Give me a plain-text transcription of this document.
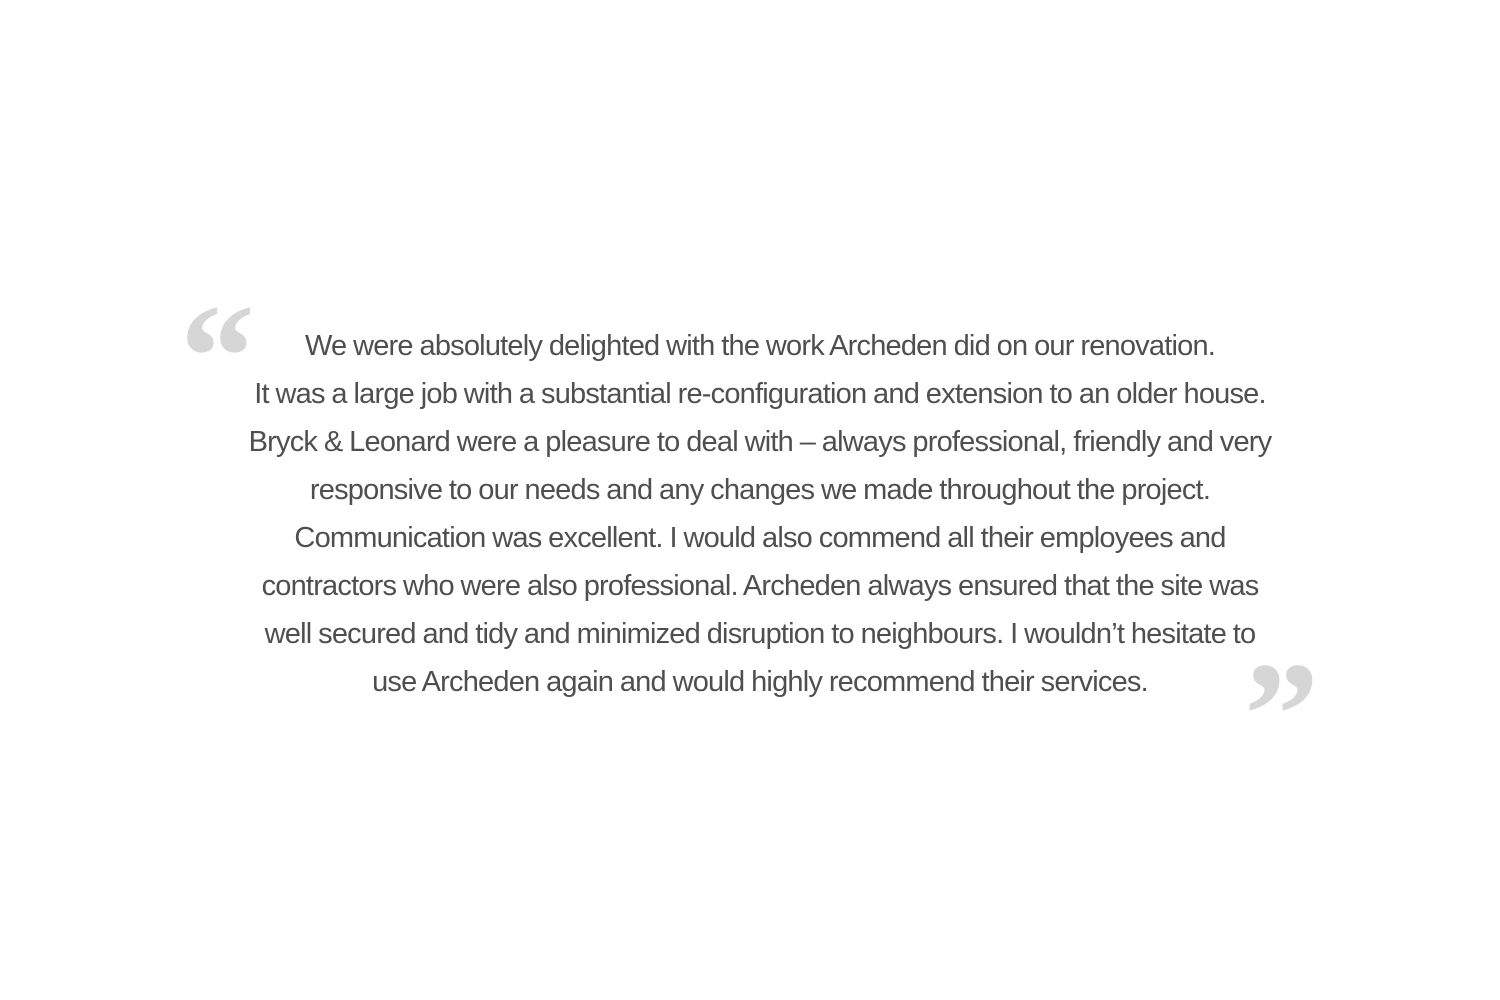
“	We were absolutely delighted with the work Archeden did on our renovation.
It was a large job with a substantial re-configuration and extension to an older house.
Bryck & Leonard were a pleasure to deal with – always professional, friendly and very
responsive to our needs and any changes we made throughout the project.
Communication was excellent. I would also commend all their employees and
contractors who were also professional. Archeden always ensured that the site was
well secured and tidy and minimized disruption to neighbours. I wouldn’t hesitate to
use Archeden again and would highly recommend their services. ”
